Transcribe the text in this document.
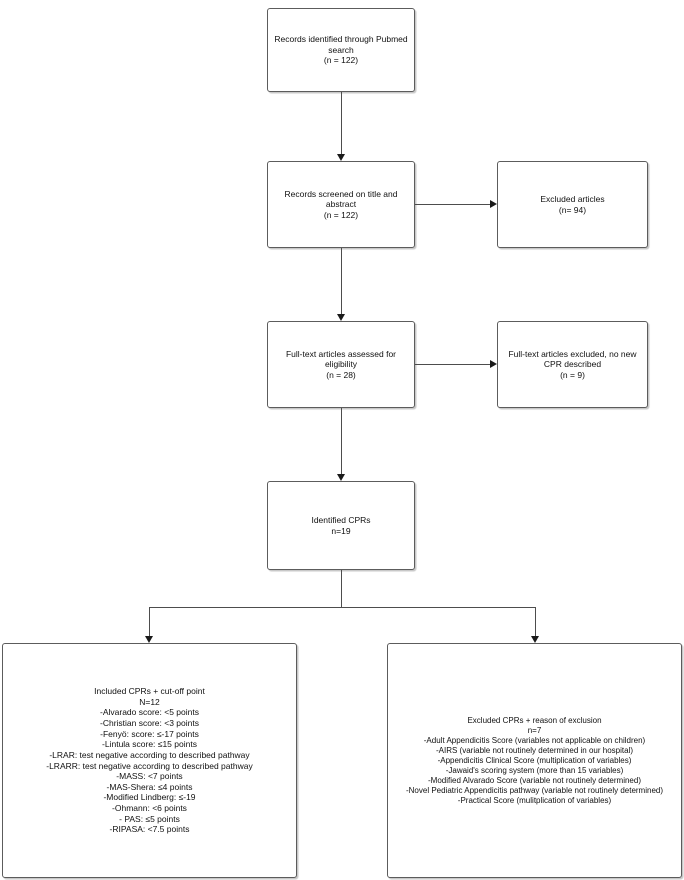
Records identified through Pubmed
search
(n = 122)
Records screened on title and
abstract
(n = 122)
Excluded articles
(n= 94)
Full-text articles assessed for
eligibility
(n = 28)
Full-text articles excluded, no new
CPR described
(n = 9)
Identified CPRs
n=19
Included CPRs + cut-off point
N=12
-Alvarado score: <5 points
-Christian score: <3 points
-Fenyö: score: ≤-17 points
-Lintula score: ≤15 points
-LRAR: test negative according to described pathway
-LRARR: test negative according to described pathway
-MASS: <7 points
-MAS-Shera: ≤4 points
-Modified Lindberg: ≤-19
-Ohmann: <6 points
- PAS: ≤5 points
-RIPASA: <7.5 points
Excluded CPRs + reason of exclusion
n=7
-Adult Appendicitis Score (variables not applicable on children)
-AIRS (variable not routinely determined in our hospital)
-Appendicitis Clinical Score (multiplication of variables)
-Jawaid's scoring system (more than 15 variables)
-Modified Alvarado Score (variable not routinely determined)
-Novel Pediatric Appendicitis pathway (variable not routinely determined)
-Practical Score (mulitplication of variables)
